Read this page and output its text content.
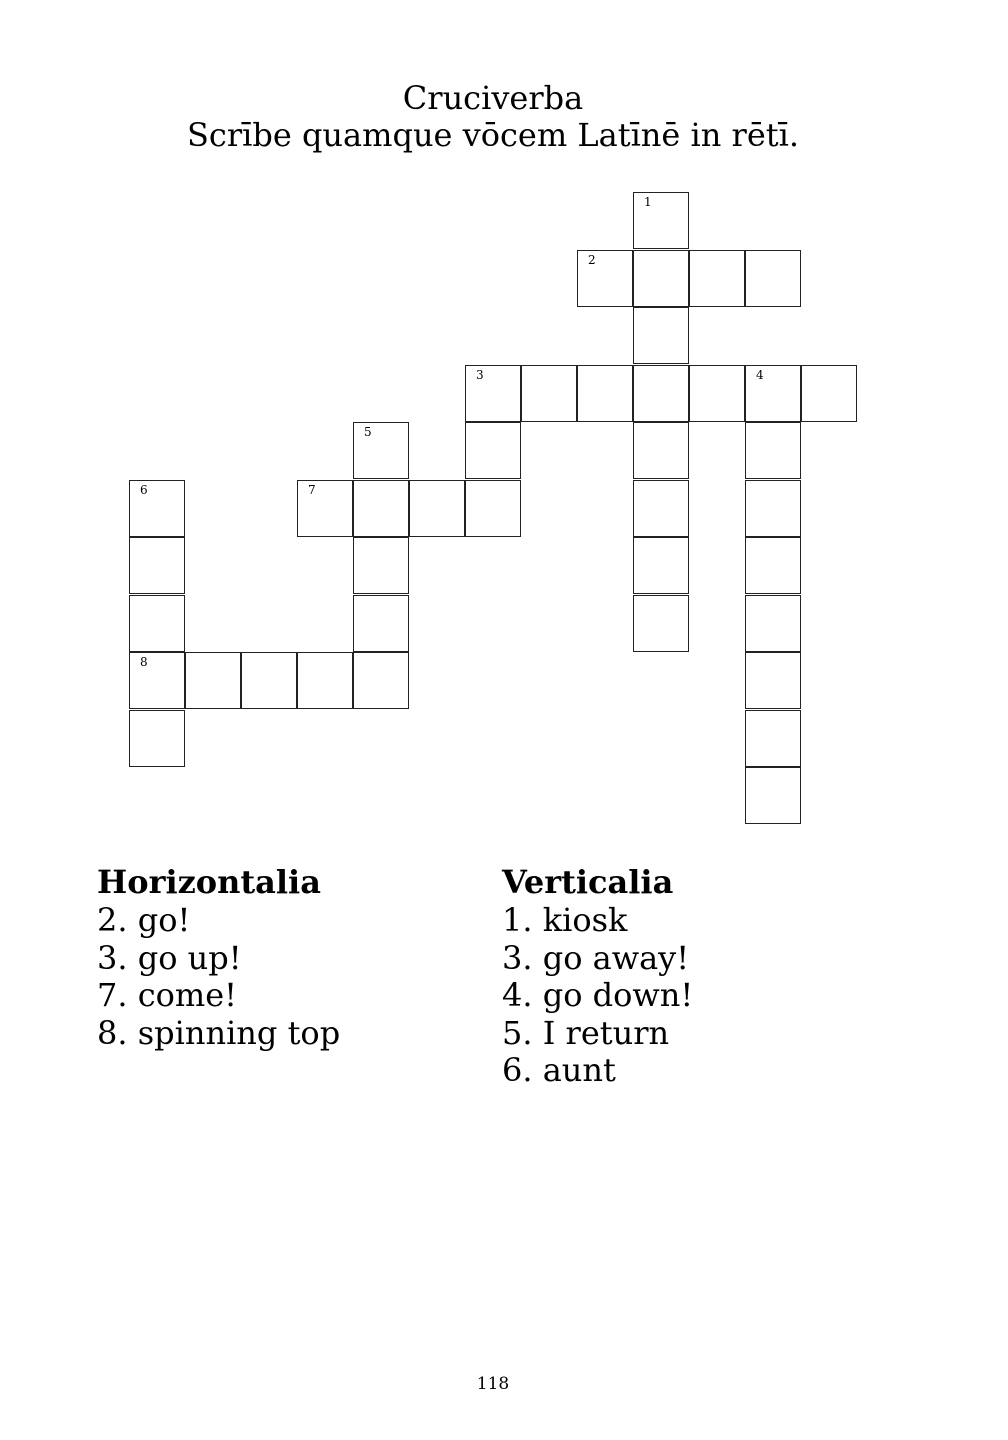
Cruciverba
Scrībe quamque vōcem Latīnē in rētī.
1
2
3	4
5
6
8
7
Horizontalia
2. go!
3. go up!
7. come!
8. spinning top
Verticalia
1. kiosk
3. go away!
4. go down!
5. I return
6. aunt
118
